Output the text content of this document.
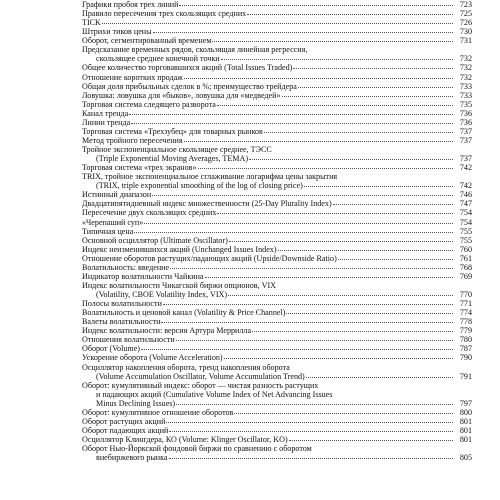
Графики пробоя трех линий	723
Правило пересечения трех скользящих средних	725
TICK	726
Штрихи тиков цены	730
Оборот, сегментированный временем	731
Предсказание временных рядов, скользящая линейная регрессия,
скользящее среднее конечной точки	732
Общее количество торговавшихся акций (Total Issues Traded)	732
Отношение коротких продаж	732
Общая доля прибыльных сделок в %; преимущество трейдера	733
Ловушка: ловушка для «быков», ловушка для «медведей»	733
Торговая система следящего разворота	735
Канал тренда	736
Линии тренда	736
Торговая система «Трехзубец» для товарных рынков	737
Метод тройного пересечения	737
Тройное экспоненциальное скользящее среднее, ТЭСС
(Triple Exponential Moving Averages, TEMA)	737
Торговая система «трех экранов»	742
TRIX, тройное экспоненциальное сглаживание логарифма цены закрытия
(TRIX, triple exponential smoothing of the log of closing price)	742
Истинный диапазон	746
Двадцатипятидневный индекс множественности (25-Day Plurality Index)	747
Пересечение двух скользящих средних	754
«Черепаший суп»	754
Типичная цена	755
Основной осциллятор (Ultimate Oscillator)	755
Индекс неизменившихся акций (Unchanged Issues Index)	760
Отношение оборотов растущих/падающих акций (Upside/Downside Ratio)	761
Волатильность: введение	768
Индикатор волатильности Чайкина	769
Индекс волатильности Чикагской биржи опционов, VIX
(Volatility, CBOE Volatility Index, VIX)	770
Полосы волатильности	771
Волатильность и ценовой канал (Volatility & Price Channel)	774
Валеты волатильности	778
Индекс волатильности: версия Артура Меррилла	779
Отношения волатильности	780
Оборот (Volume)	787
Ускорение оборота (Volume Acceleration)	790
Осциллятор накопления оборота, тренд накопления оборота
(Volume Accumulation Oscillator, Volume Accumulation Trend)	791
Оборот: кумулятивный индекс: оборот — чистая разность растущих
и падающих акций (Cumulative Volume Index of Net Advancing Issues
Minus Declining Issues)	797
Оборот: кумулятивное отношение оборотов	800
Оборот растущих акций	801
Оборот падающих акций	801
Осциллятор Клингдера, КО (Volume: Klinger Oscillator, KO)	801
Оборот Нью-Йоркской фондовой биржи по сравнению с оборотом
внебиржевого рынка	805
